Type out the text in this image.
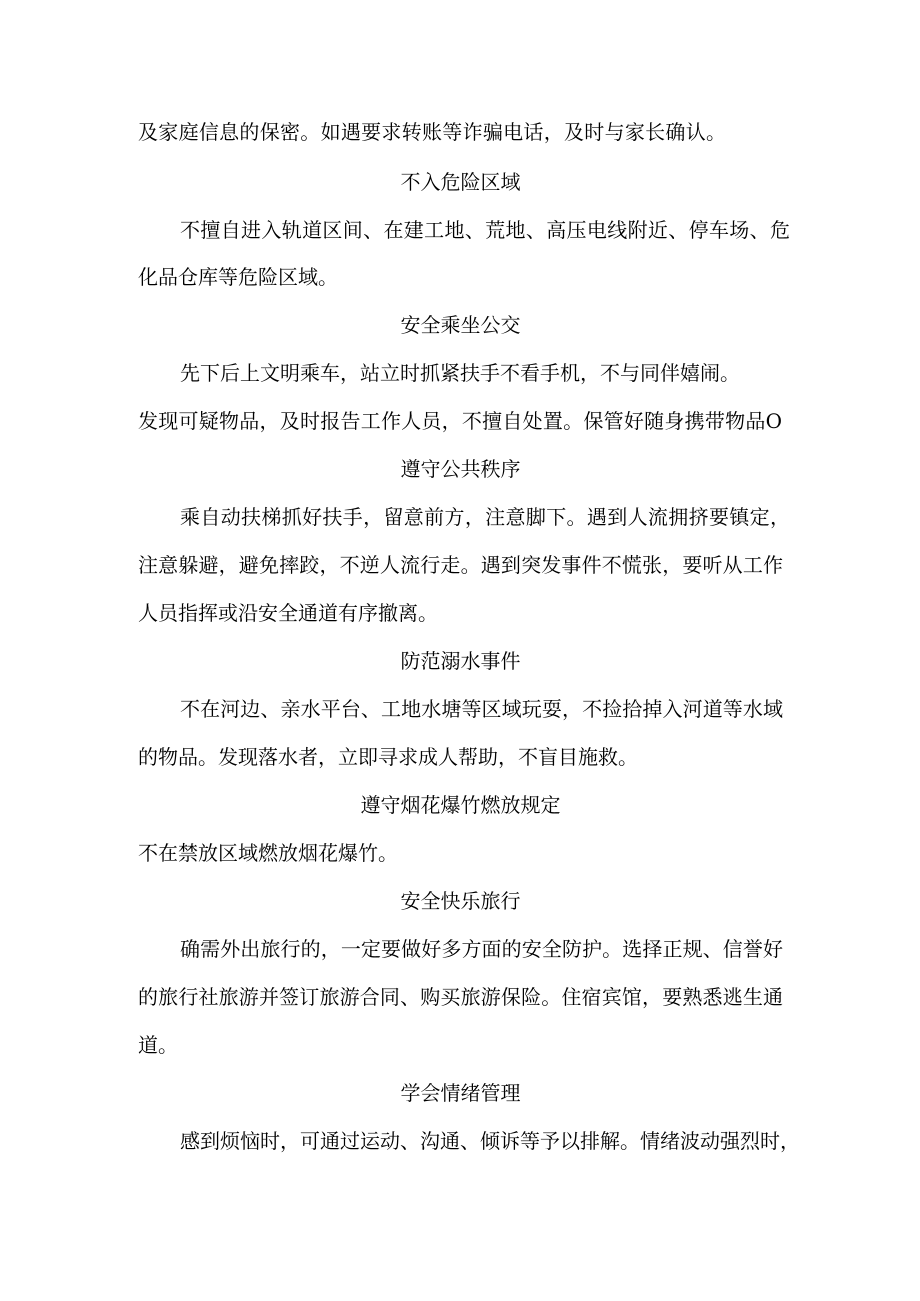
及家庭信息的保密。如遇要求转账等诈骗电话，及时与家长确认。
不入危险区域
不擅自进入轨道区间、在建工地、荒地、高压电线附近、停车场、危
化品仓库等危险区域。
安全乘坐公交
先下后上文明乘车，站立时抓紧扶手不看手机，不与同伴嬉闹。
发现可疑物品，及时报告工作人员，不擅自处置。保管好随身携带物品O
遵守公共秩序
乘自动扶梯抓好扶手，留意前方，注意脚下。遇到人流拥挤要镇定，
注意躲避，避免摔跤，不逆人流行走。遇到突发事件不慌张，要听从工作
人员指挥或沿安全通道有序撤离。
防范溺水事件
不在河边、亲水平台、工地水塘等区域玩耍，不捡拾掉入河道等水域
的物品。发现落水者，立即寻求成人帮助，不盲目施救。
遵守烟花爆竹燃放规定
不在禁放区域燃放烟花爆竹。
安全快乐旅行
确需外出旅行的，一定要做好多方面的安全防护。选择正规、信誉好
的旅行社旅游并签订旅游合同、购买旅游保险。住宿宾馆，要熟悉逃生通
道。
学会情绪管理
感到烦恼时，可通过运动、沟通、倾诉等予以排解。情绪波动强烈时，
